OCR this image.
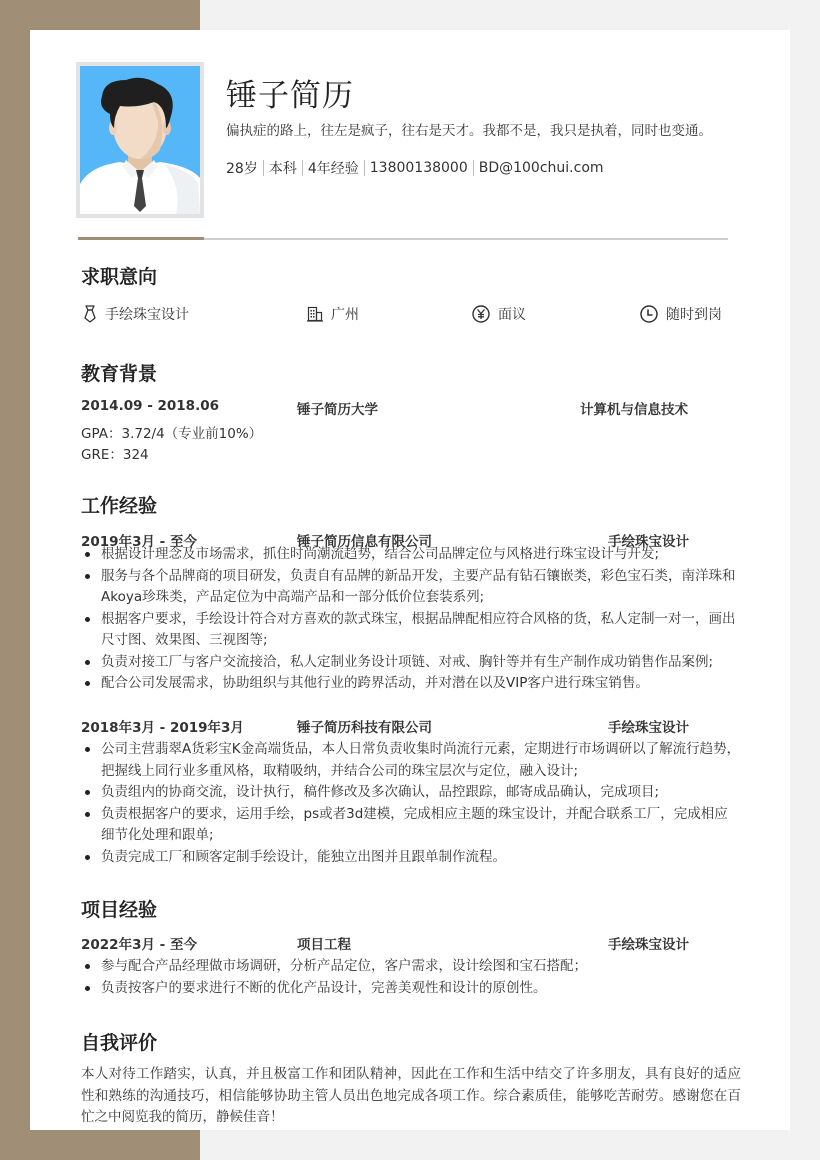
锤子简历
偏执症的路上，往左是疯子，往右是天才。我都不是，我只是执着，同时也变通。
28岁 本科 4年经验 13800138000 BD@100chui.com
求职意向
手绘珠宝设计	广州	面议	随时到岗
教育背景
2014.09 - 2018.06	锤子简历大学	计算机与信息技术
GPA：3.72/4（专业前10%）
GRE：324
工作经验
2019年3月 - 至今	锤子简历信息有限公司	手绘珠宝设计
根据设计理念及市场需求，抓住时尚潮流趋势，结合公司品牌定位与风格进行珠宝设计与开发;
服务与各个品牌商的项目研发，负责自有品牌的新品开发，主要产品有钻石镶嵌类，彩色宝石类，南洋珠和Akoya珍珠类，产品定位为中高端产品和一部分低价位套装系列;
根据客户要求，手绘设计符合对方喜欢的款式珠宝，根据品牌配相应符合风格的货，私人定制一对一，画出尺寸图、效果图、三视图等;
负责对接工厂与客户交流接洽，私人定制业务设计项链、对戒、胸针等并有生产制作成功销售作品案例;
配合公司发展需求，协助组织与其他行业的跨界活动，并对潜在以及VIP客户进行珠宝销售。
2018年3月 - 2019年3月	锤子简历科技有限公司	手绘珠宝设计
公司主营翡翠A货彩宝K金高端货品，本人日常负责收集时尚流行元素，定期进行市场调研以了解流行趋势，把握线上同行业多重风格，取精吸纳，并结合公司的珠宝层次与定位，融入设计;
负责组内的协商交流，设计执行，稿件修改及多次确认，品控跟踪，邮寄成品确认，完成项目;
负责根据客户的要求，运用手绘，ps或者3d建模，完成相应主题的珠宝设计，并配合联系工厂，完成相应细节化处理和跟单;
负责完成工厂和顾客定制手绘设计，能独立出图并且跟单制作流程。
项目经验
2022年3月 - 至今	项目工程	手绘珠宝设计
参与配合产品经理做市场调研，分析产品定位，客户需求，设计绘图和宝石搭配；
负责按客户的要求进行不断的优化产品设计，完善美观性和设计的原创性。
自我评价
本人对待工作踏实，认真，并且极富工作和团队精神，因此在工作和生活中结交了许多朋友，具有良好的适应性和熟练的沟通技巧，相信能够协助主管人员出色地完成各项工作。综合素质佳，能够吃苦耐劳。感谢您在百忙之中阅览我的简历，静候佳音！
